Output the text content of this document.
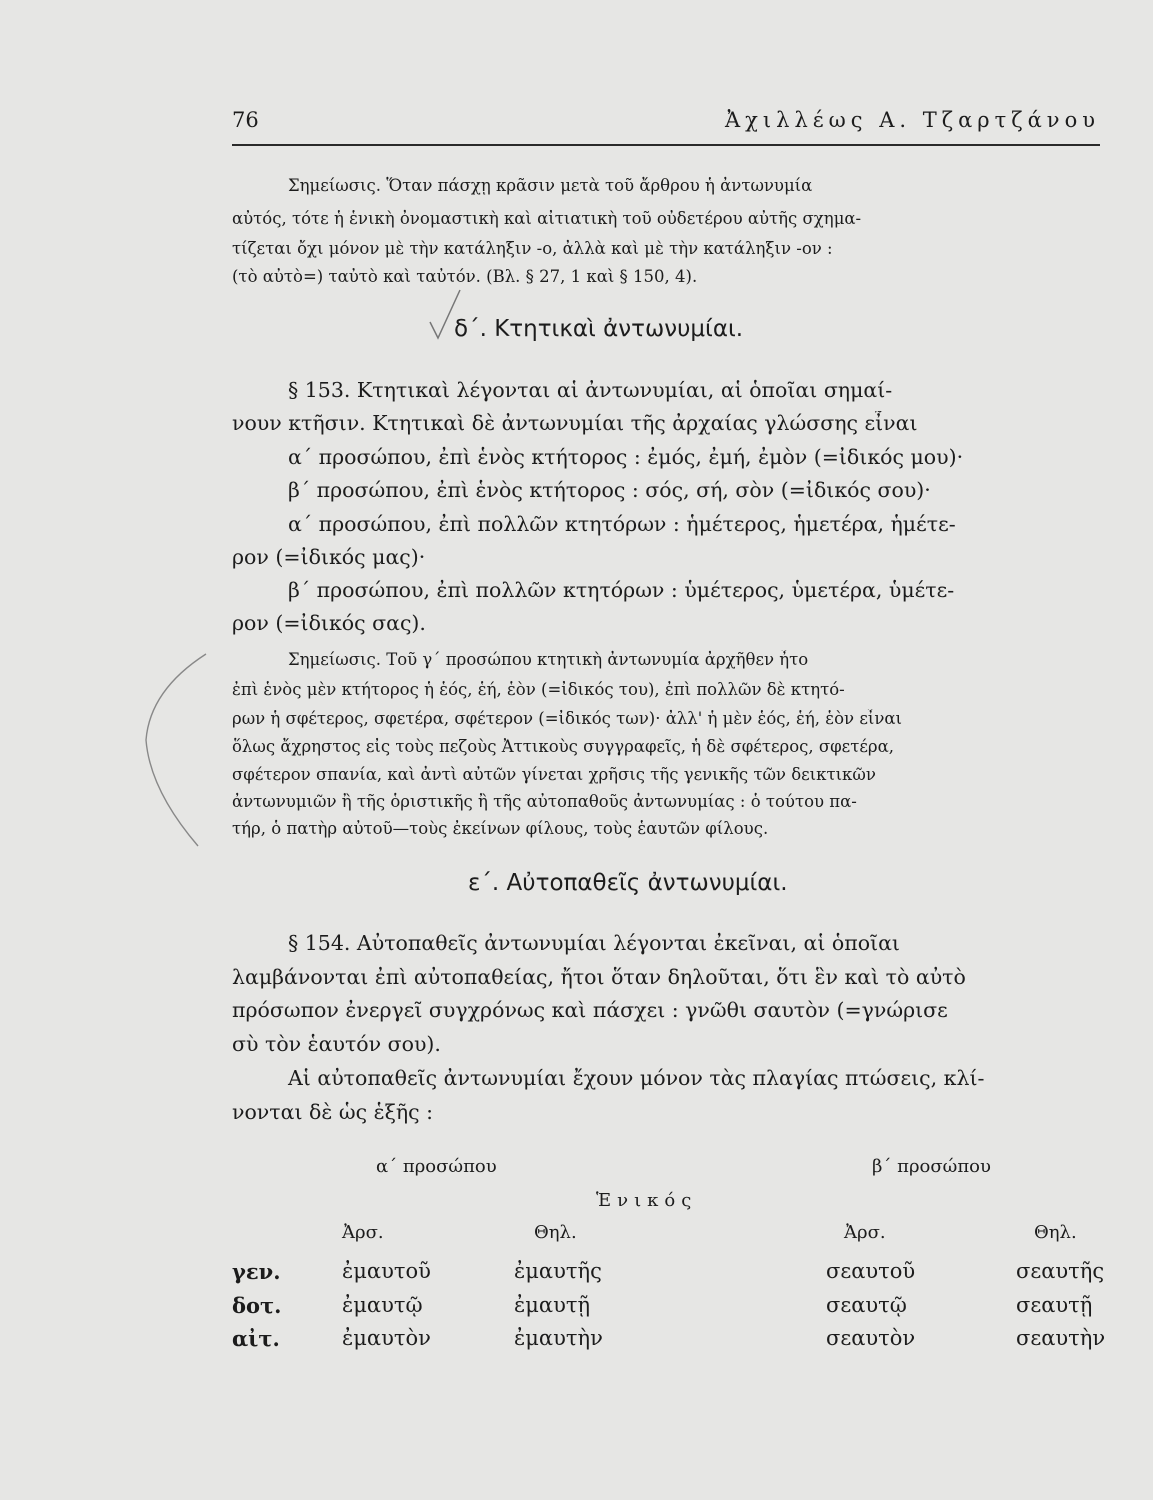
76	Ἀχιλλέως Α. Τζαρτζάνου
Σημείωσις. Ὅταν πάσχῃ κρᾶσιν μετὰ τοῦ ἄρθρου ἡ ἀντωνυμία
αὐτός, τότε ἡ ἑνικὴ ὀνομαστικὴ καὶ αἰτιατικὴ τοῦ οὐδετέρου αὐτῆς σχημα-
τίζεται ὄχι μόνον μὲ τὴν κατάληξιν -ο, ἀλλὰ καὶ μὲ τὴν κατάληξιν -ον :
(τὸ αὐτὸ=) ταὐτὸ καὶ ταὐτόν. (Βλ. § 27, 1 καὶ § 150, 4).
δ΄. Κτητικαὶ ἀντωνυμίαι.
§ 153. Κτητικαὶ λέγονται αἱ ἀντωνυμίαι, αἱ ὁποῖαι σημαί-
νουν κτῆσιν. Κτητικαὶ δὲ ἀντωνυμίαι τῆς ἀρχαίας γλώσσης εἶναι
α΄ προσώπου, ἐπὶ ἑνὸς κτήτορος : ἐμός, ἐμή, ἐμὸν (=ἰδικός μου)·
β΄ προσώπου, ἐπὶ ἑνὸς κτήτορος : σός, σή, σὸν (=ἰδικός σου)·
α΄ προσώπου, ἐπὶ πολλῶν κτητόρων : ἡμέτερος, ἡμετέρα, ἡμέτε-
ρον (=ἰδικός μας)·
β΄ προσώπου, ἐπὶ πολλῶν κτητόρων : ὑμέτερος, ὑμετέρα, ὑμέτε-
ρον (=ἰδικός σας).
Σημείωσις. Τοῦ γ΄ προσώπου κτητικὴ ἀντωνυμία ἀρχῆθεν ἦτο
ἐπὶ ἑνὸς μὲν κτήτορος ἡ ἑός, ἑή, ἑὸν (=ἰδικός του), ἐπὶ πολλῶν δὲ κτητό-
ρων ἡ σφέτερος, σφετέρα, σφέτερον (=ἰδικός των)· ἀλλ' ἡ μὲν ἑός, ἑή, ἑὸν εἶναι
ὅλως ἄχρηστος εἰς τοὺς πεζοὺς Ἀττικοὺς συγγραφεῖς, ἡ δὲ σφέτερος, σφετέρα,
σφέτερον σπανία, καὶ ἀντὶ αὐτῶν γίνεται χρῆσις τῆς γενικῆς τῶν δεικτικῶν
ἀντωνυμιῶν ἢ τῆς ὁριστικῆς ἢ τῆς αὐτοπαθοῦς ἀντωνυμίας : ὁ τούτου πα-
τήρ, ὁ πατὴρ αὐτοῦ—τοὺς ἐκείνων φίλους, τοὺς ἑαυτῶν φίλους.
ε΄. Αὐτοπαθεῖς ἀντωνυμίαι.
§ 154. Αὐτοπαθεῖς ἀντωνυμίαι λέγονται ἐκεῖναι, αἱ ὁποῖαι
λαμβάνονται ἐπὶ αὐτοπαθείας, ἤτοι ὅταν δηλοῦται, ὅτι ἓν καὶ τὸ αὐτὸ
πρόσωπον ἐνεργεῖ συγχρόνως καὶ πάσχει : γνῶθι σαυτὸν (=γνώρισε
σὺ τὸν ἑαυτόν σου).
Αἱ αὐτοπαθεῖς ἀντωνυμίαι ἔχουν μόνον τὰς πλαγίας πτώσεις, κλί-
νονται δὲ ὡς ἑξῆς :
α΄ προσώπου	β΄ προσώπου
Ἑνικός
Ἀρσ.	Θηλ.	Ἀρσ.	Θηλ.
γεν.	ἐμαυτοῦ	ἐμαυτῆς	σεαυτοῦ	σεαυτῆς
δοτ.	ἐμαυτῷ	ἐμαυτῇ	σεαυτῷ	σεαυτῇ
αἰτ.	ἐμαυτὸν	ἐμαυτὴν	σεαυτὸν	σεαυτὴν
